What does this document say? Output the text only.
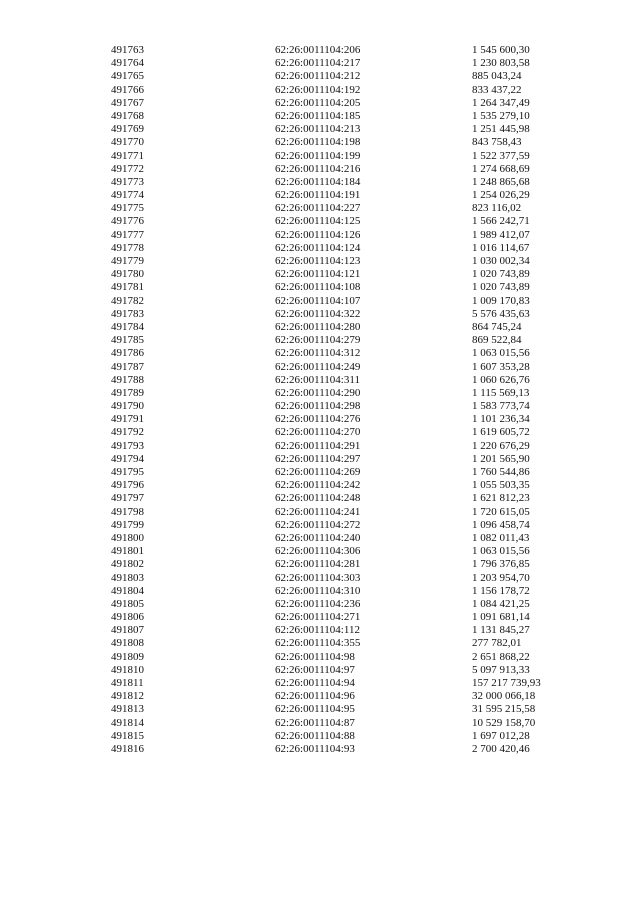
491763	62:26:0011104:206	1 545 600,30
491764	62:26:0011104:217	1 230 803,58
491765	62:26:0011104:212	885 043,24
491766	62:26:0011104:192	833 437,22
491767	62:26:0011104:205	1 264 347,49
491768	62:26:0011104:185	1 535 279,10
491769	62:26:0011104:213	1 251 445,98
491770	62:26:0011104:198	843 758,43
491771	62:26:0011104:199	1 522 377,59
491772	62:26:0011104:216	1 274 668,69
491773	62:26:0011104:184	1 248 865,68
491774	62:26:0011104:191	1 254 026,29
491775	62:26:0011104:227	823 116,02
491776	62:26:0011104:125	1 566 242,71
491777	62:26:0011104:126	1 989 412,07
491778	62:26:0011104:124	1 016 114,67
491779	62:26:0011104:123	1 030 002,34
491780	62:26:0011104:121	1 020 743,89
491781	62:26:0011104:108	1 020 743,89
491782	62:26:0011104:107	1 009 170,83
491783	62:26:0011104:322	5 576 435,63
491784	62:26:0011104:280	864 745,24
491785	62:26:0011104:279	869 522,84
491786	62:26:0011104:312	1 063 015,56
491787	62:26:0011104:249	1 607 353,28
491788	62:26:0011104:311	1 060 626,76
491789	62:26:0011104:290	1 115 569,13
491790	62:26:0011104:298	1 583 773,74
491791	62:26:0011104:276	1 101 236,34
491792	62:26:0011104:270	1 619 605,72
491793	62:26:0011104:291	1 220 676,29
491794	62:26:0011104:297	1 201 565,90
491795	62:26:0011104:269	1 760 544,86
491796	62:26:0011104:242	1 055 503,35
491797	62:26:0011104:248	1 621 812,23
491798	62:26:0011104:241	1 720 615,05
491799	62:26:0011104:272	1 096 458,74
491800	62:26:0011104:240	1 082 011,43
491801	62:26:0011104:306	1 063 015,56
491802	62:26:0011104:281	1 796 376,85
491803	62:26:0011104:303	1 203 954,70
491804	62:26:0011104:310	1 156 178,72
491805	62:26:0011104:236	1 084 421,25
491806	62:26:0011104:271	1 091 681,14
491807	62:26:0011104:112	1 131 845,27
491808	62:26:0011104:355	277 782,01
491809	62:26:0011104:98	2 651 868,22
491810	62:26:0011104:97	5 097 913,33
491811	62:26:0011104:94	157 217 739,93
491812	62:26:0011104:96	32 000 066,18
491813	62:26:0011104:95	31 595 215,58
491814	62:26:0011104:87	10 529 158,70
491815	62:26:0011104:88	1 697 012,28
491816	62:26:0011104:93	2 700 420,46
